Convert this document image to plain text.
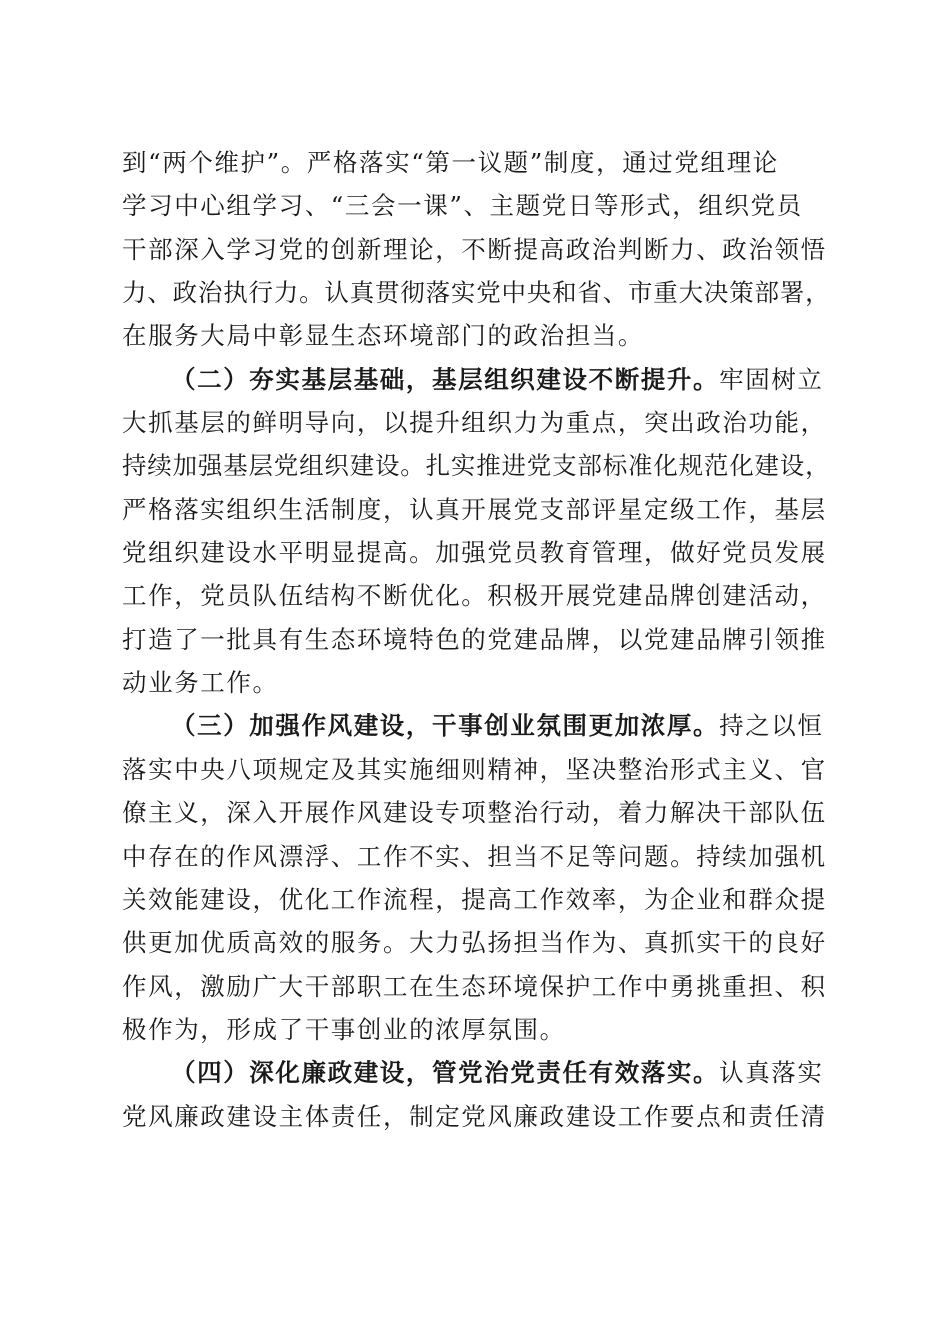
到“两个维护”。严格落实“第一议题”制度，通过党组理论
学习中心组学习、“三会一课”、主题党日等形式，组织党员
干部深入学习党的创新理论，不断提高政治判断力、政治领悟
力、政治执行力。认真贯彻落实党中央和省、市重大决策部署，
在服务大局中彰显生态环境部门的政治担当。
（二）夯实基层基础，基层组织建设不断提升。牢固树立
大抓基层的鲜明导向，以提升组织力为重点，突出政治功能，
持续加强基层党组织建设。扎实推进党支部标准化规范化建设，
严格落实组织生活制度，认真开展党支部评星定级工作，基层
党组织建设水平明显提高。加强党员教育管理，做好党员发展
工作，党员队伍结构不断优化。积极开展党建品牌创建活动，
打造了一批具有生态环境特色的党建品牌，以党建品牌引领推
动业务工作。
（三）加强作风建设，干事创业氛围更加浓厚。持之以恒
落实中央八项规定及其实施细则精神，坚决整治形式主义、官
僚主义，深入开展作风建设专项整治行动，着力解决干部队伍
中存在的作风漂浮、工作不实、担当不足等问题。持续加强机
关效能建设，优化工作流程，提高工作效率，为企业和群众提
供更加优质高效的服务。大力弘扬担当作为、真抓实干的良好
作风，激励广大干部职工在生态环境保护工作中勇挑重担、积
极作为，形成了干事创业的浓厚氛围。
（四）深化廉政建设，管党治党责任有效落实。认真落实
党风廉政建设主体责任，制定党风廉政建设工作要点和责任清
